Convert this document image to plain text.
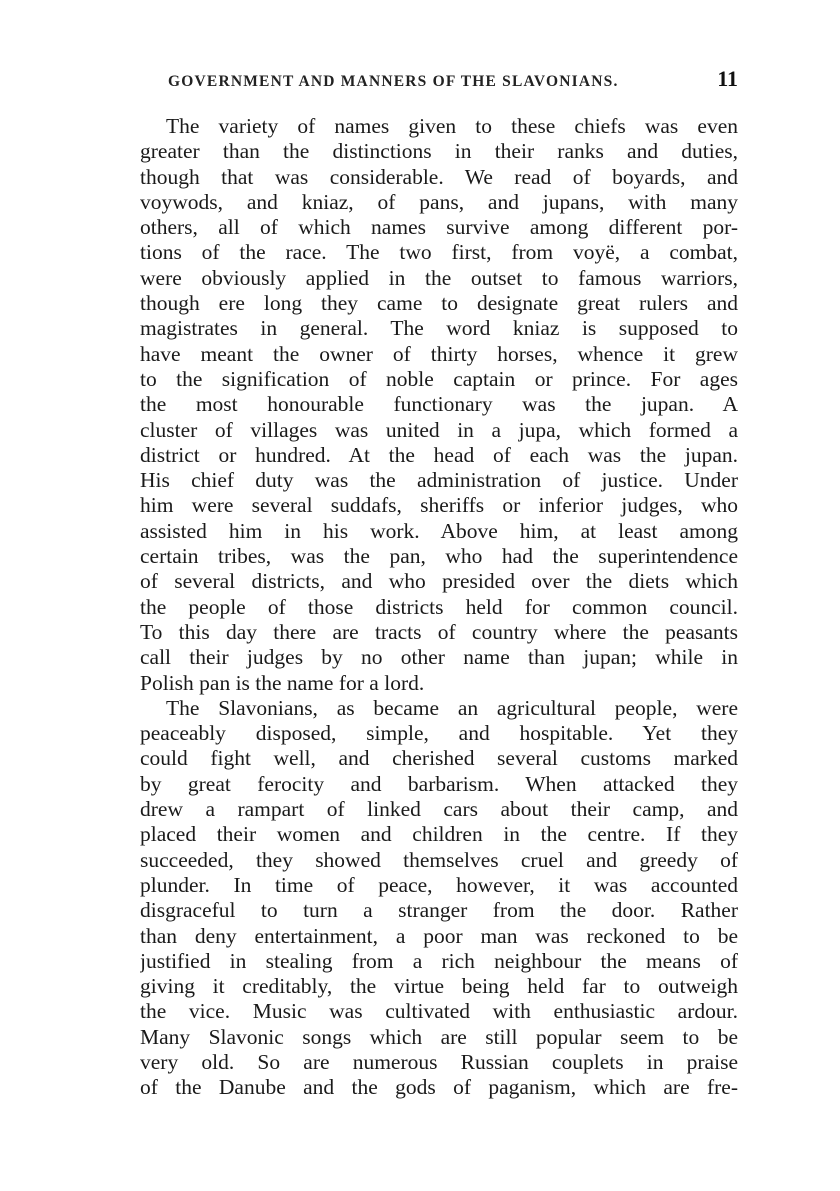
GOVERNMENT AND MANNERS OF THE SLAVONIANS.	11
The variety of names given to these chiefs was even
greater than the distinctions in their ranks and duties,
though that was considerable. We read of boyards, and
voywods, and kniaz, of pans, and jupans, with many
others, all of which names survive among different por-
tions of the race. The two first, from voyë, a combat,
were obviously applied in the outset to famous warriors,
though ere long they came to designate great rulers and
magistrates in general. The word kniaz is supposed to
have meant the owner of thirty horses, whence it grew
to the signification of noble captain or prince. For ages
the most honourable functionary was the jupan. A
cluster of villages was united in a jupa, which formed a
district or hundred. At the head of each was the jupan.
His chief duty was the administration of justice. Under
him were several suddafs, sheriffs or inferior judges, who
assisted him in his work. Above him, at least among
certain tribes, was the pan, who had the superintendence
of several districts, and who presided over the diets which
the people of those districts held for common council.
To this day there are tracts of country where the peasants
call their judges by no other name than jupan; while in
Polish pan is the name for a lord.
The Slavonians, as became an agricultural people, were
peaceably disposed, simple, and hospitable. Yet they
could fight well, and cherished several customs marked
by great ferocity and barbarism. When attacked they
drew a rampart of linked cars about their camp, and
placed their women and children in the centre. If they
succeeded, they showed themselves cruel and greedy of
plunder. In time of peace, however, it was accounted
disgraceful to turn a stranger from the door. Rather
than deny entertainment, a poor man was reckoned to be
justified in stealing from a rich neighbour the means of
giving it creditably, the virtue being held far to outweigh
the vice. Music was cultivated with enthusiastic ardour.
Many Slavonic songs which are still popular seem to be
very old. So are numerous Russian couplets in praise
of the Danube and the gods of paganism, which are fre-
